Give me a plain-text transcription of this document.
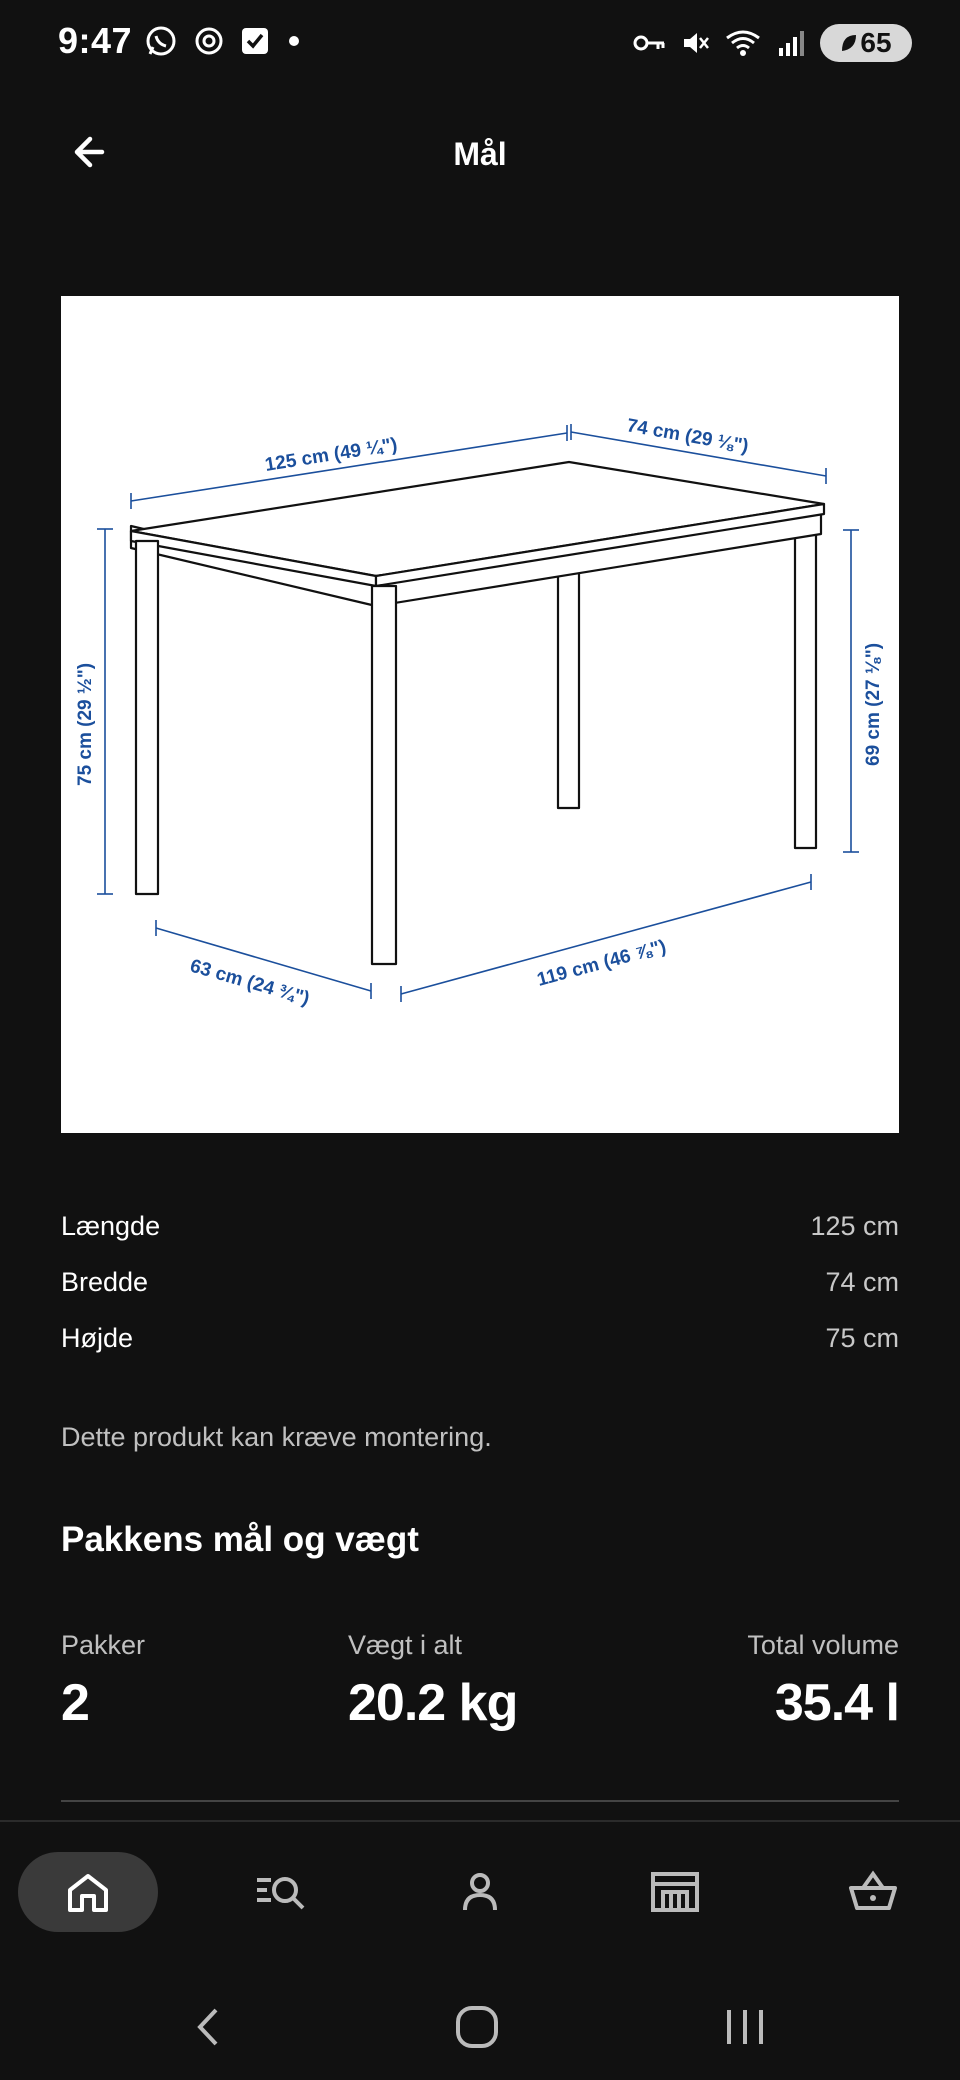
9:47	65
Mål
125 cm (49 ¼")	74 cm (29 ⅛")
75 cm (29 ½")	69 cm (27 ⅛")
63 cm (24 ¾")	119 cm (46 ⅞")
Længde	125 cm
Bredde	74 cm
Højde	75 cm
Dette produkt kan kræve montering.
Pakkens mål og vægt
Pakker
2
Vægt i alt
20.2 kg
Total volume
35.4 l
